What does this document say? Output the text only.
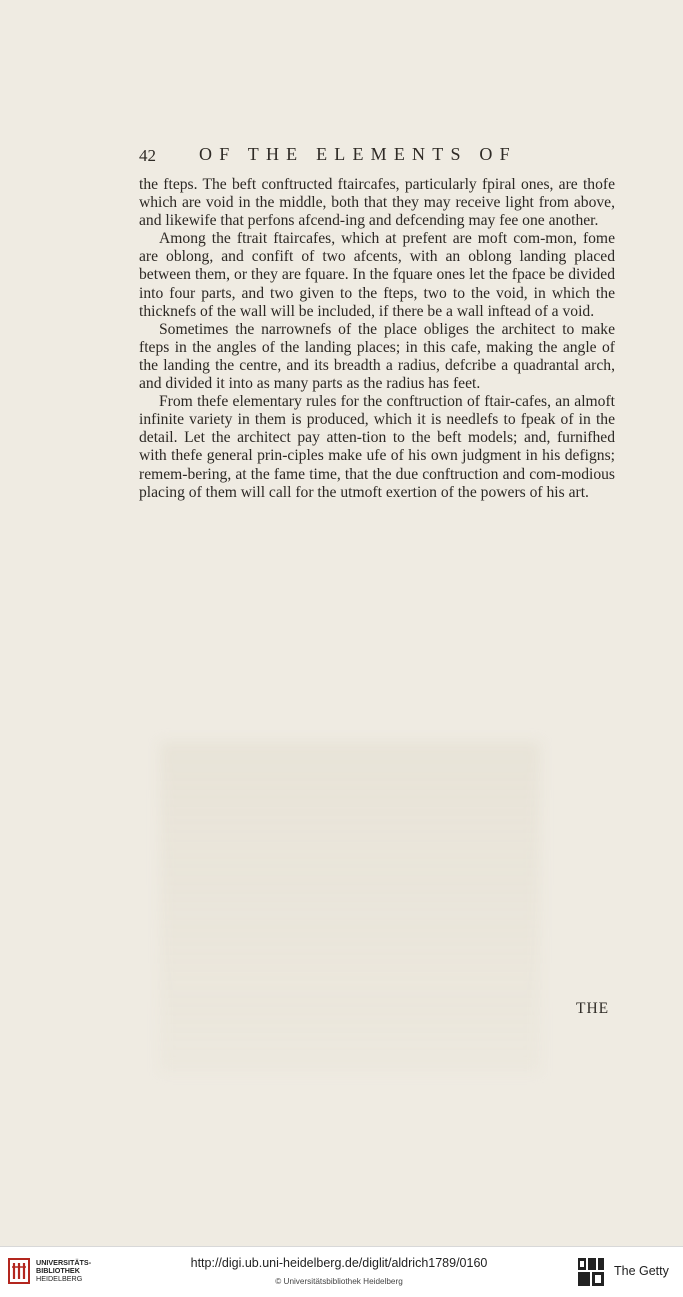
42 OF THE ELEMENTS OF

the fteps. The beft conftructed ftaircafes, particularly fpiral ones, are thofe which are void in the middle, both that they may receive light from above, and likewife that perfons afcend-ing and defcending may fee one another.

Among the ftrait ftaircafes, which at prefent are moft com-mon, fome are oblong, and confift of two afcents, with an oblong landing placed between them, or they are fquare. In the fquare ones let the fpace be divided into four parts, and two given to the fteps, two to the void, in which the thicknefs of the wall will be included, if there be a wall inftead of a void.

Sometimes the narrownefs of the place obliges the architect to make fteps in the angles of the landing places; in this cafe, making the angle of the landing the centre, and its breadth a radius, defcribe a quadrantal arch, and divided it into as many parts as the radius has feet.

From thefe elementary rules for the conftruction of ftair-cafes, an almoft infinite variety in them is produced, which it is needlefs to fpeak of in the detail. Let the architect pay atten-tion to the beft models; and, furnifhed with thefe general prin-ciples make ufe of his own judgment in his defigns; remem-bering, at the fame time, that the due conftruction and com-modious placing of them will call for the utmoft exertion of the powers of his art.

THE
UNIVERSITÄTS-
BIBLIOTHEK
HEIDELBERG
http://digi.ub.uni-heidelberg.de/diglit/aldrich1789/0160
© Universitätsbibliothek Heidelberg
The Getty
